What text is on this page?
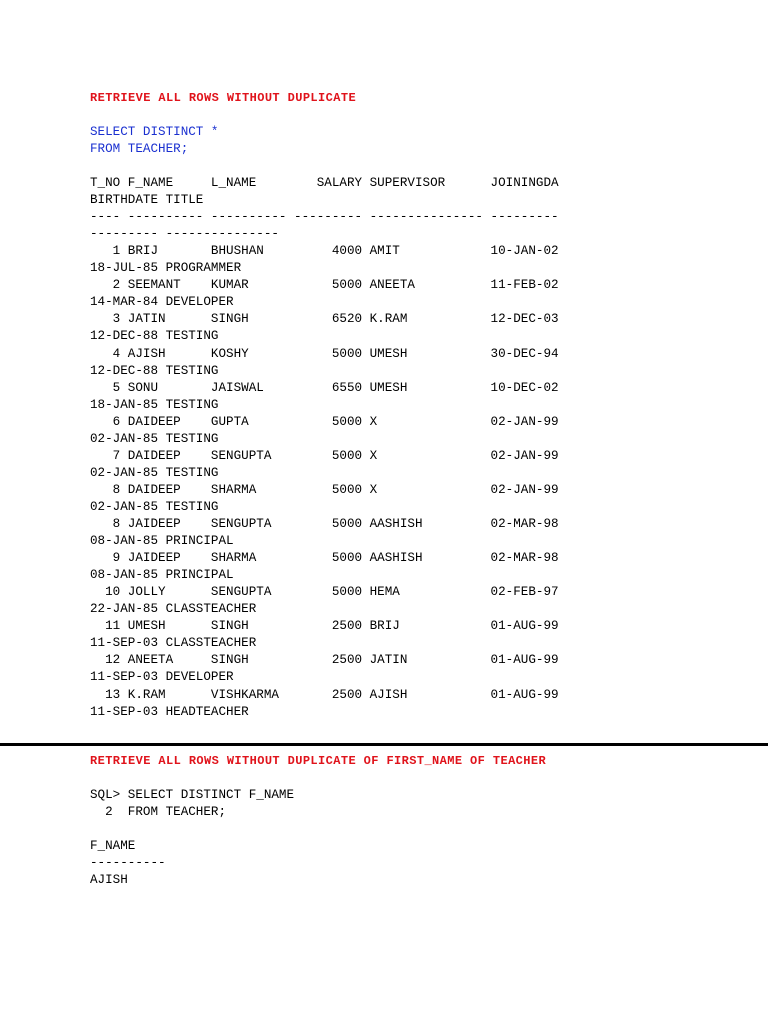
RETRIEVE ALL ROWS WITHOUT DUPLICATE
SELECT DISTINCT *
FROM TEACHER;
T_NO F_NAME     L_NAME        SALARY SUPERVISOR      JOININGDA
BIRTHDATE TITLE
---- ---------- ---------- --------- --------------- ---------
--------- ---------------
1 BRIJ       BHUSHAN         4000 AMIT            10-JAN-02
18-JUL-85 PROGRAMMER
2 SEEMANT    KUMAR           5000 ANEETA          11-FEB-02
14-MAR-84 DEVELOPER
3 JATIN      SINGH           6520 K.RAM           12-DEC-03
12-DEC-88 TESTING
4 AJISH      KOSHY           5000 UMESH           30-DEC-94
12-DEC-88 TESTING
5 SONU       JAISWAL         6550 UMESH           10-DEC-02
18-JAN-85 TESTING
6 DAIDEEP    GUPTA           5000 X               02-JAN-99
02-JAN-85 TESTING
7 DAIDEEP    SENGUPTA        5000 X               02-JAN-99
02-JAN-85 TESTING
8 DAIDEEP    SHARMA          5000 X               02-JAN-99
02-JAN-85 TESTING
8 JAIDEEP    SENGUPTA        5000 AASHISH         02-MAR-98
08-JAN-85 PRINCIPAL
9 JAIDEEP    SHARMA          5000 AASHISH         02-MAR-98
08-JAN-85 PRINCIPAL
10 JOLLY      SENGUPTA        5000 HEMA            02-FEB-97
22-JAN-85 CLASSTEACHER
11 UMESH      SINGH           2500 BRIJ            01-AUG-99
11-SEP-03 CLASSTEACHER
12 ANEETA     SINGH           2500 JATIN           01-AUG-99
11-SEP-03 DEVELOPER
13 K.RAM      VISHKARMA       2500 AJISH           01-AUG-99
11-SEP-03 HEADTEACHER
RETRIEVE ALL ROWS WITHOUT DUPLICATE OF FIRST_NAME OF TEACHER
SQL> SELECT DISTINCT F_NAME
2  FROM TEACHER;
F_NAME
----------
AJISH
